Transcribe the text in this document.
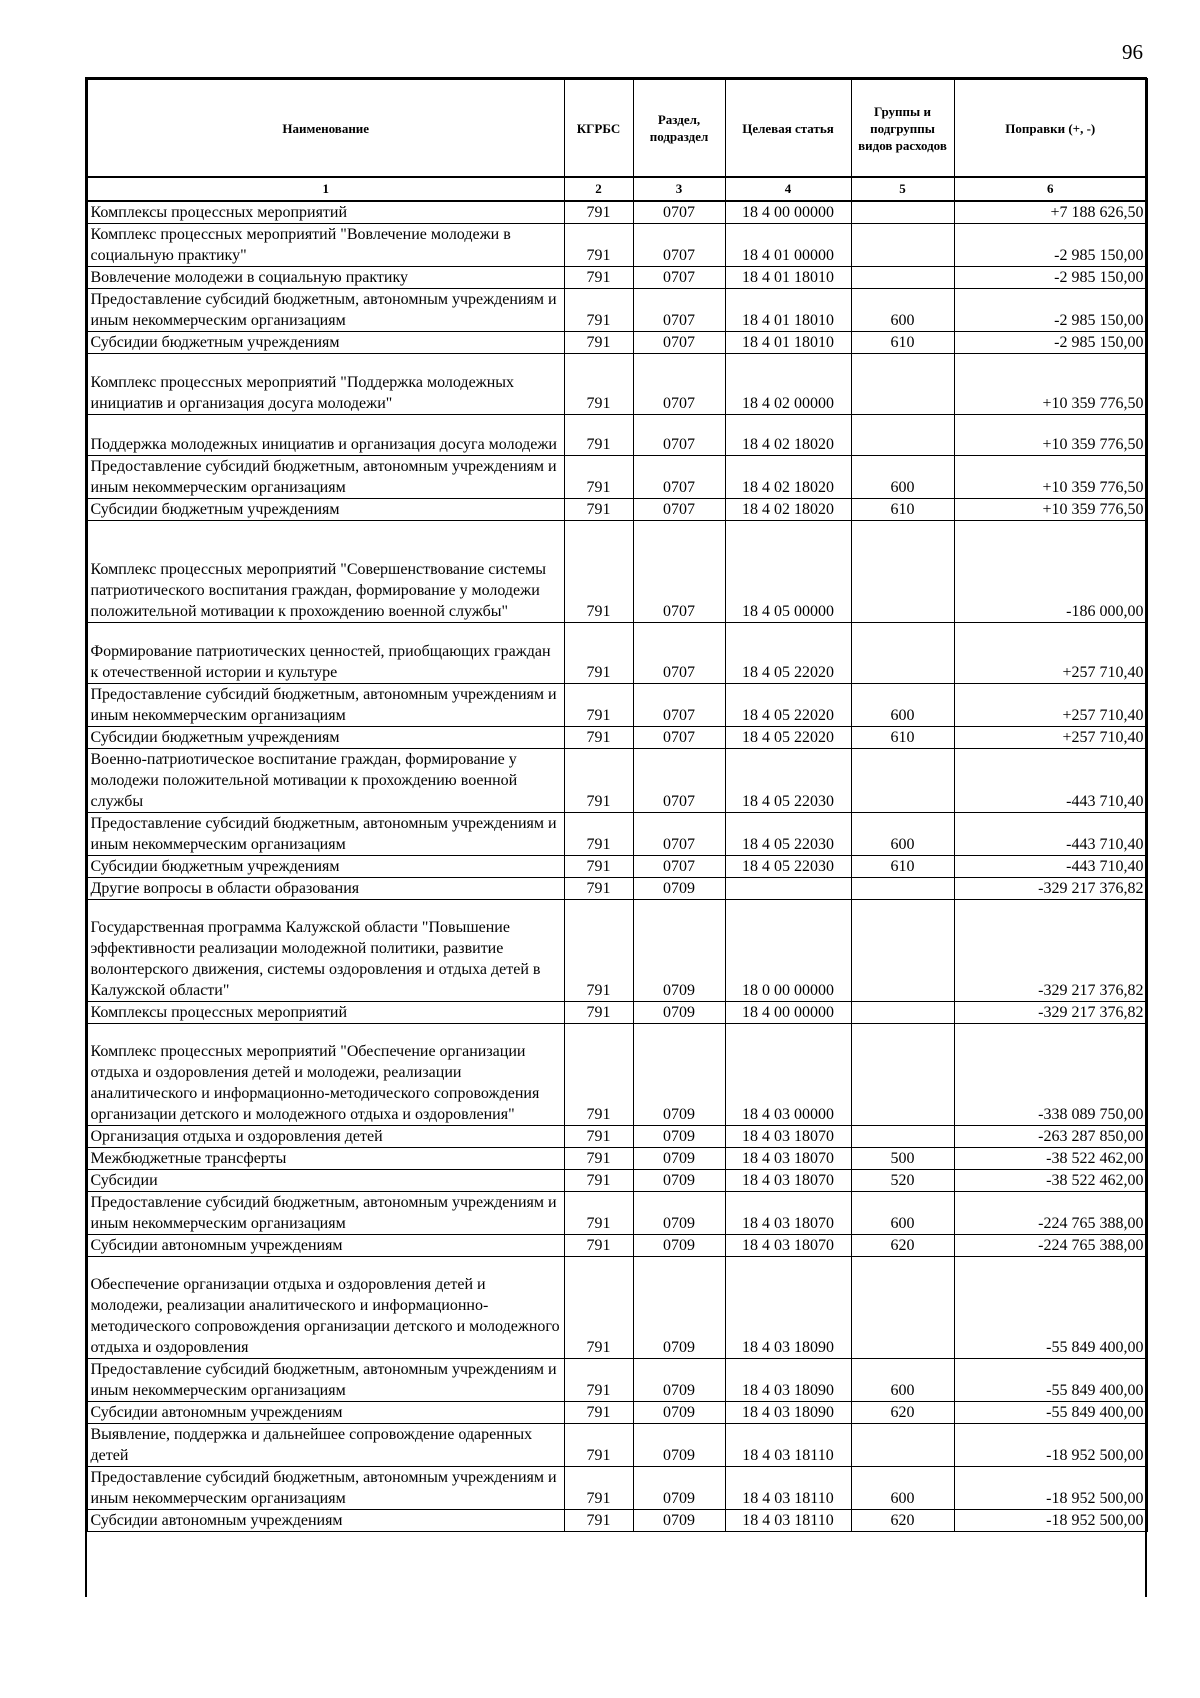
96
Наименование	КГРБС	Раздел, подраздел	Целевая статья	Группы и подгруппы видов расходов	Поправки (+, -)
1	2	3	4	5	6
Комплексы процессных мероприятий	791	0707	18 4 00 00000		+7 188 626,50
Комплекс процессных мероприятий "Вовлечение молодежи в социальную практику"	791	0707	18 4 01 00000		-2 985 150,00
Вовлечение молодежи в социальную практику	791	0707	18 4 01 18010		-2 985 150,00
Предоставление субсидий бюджетным, автономным учреждениям и иным некоммерческим организациям	791	0707	18 4 01 18010	600	-2 985 150,00
Субсидии бюджетным учреждениям	791	0707	18 4 01 18010	610	-2 985 150,00
Комплекс процессных мероприятий "Поддержка молодежных инициатив и организация досуга молодежи"	791	0707	18 4 02 00000		+10 359 776,50
Поддержка молодежных инициатив и организация досуга молодежи	791	0707	18 4 02 18020		+10 359 776,50
Предоставление субсидий бюджетным, автономным учреждениям и иным некоммерческим организациям	791	0707	18 4 02 18020	600	+10 359 776,50
Субсидии бюджетным учреждениям	791	0707	18 4 02 18020	610	+10 359 776,50
Комплекс процессных мероприятий "Совершенствование системы патриотического воспитания граждан, формирование у молодежи положительной мотивации к прохождению военной службы"	791	0707	18 4 05 00000		-186 000,00
Формирование патриотических ценностей, приобщающих граждан к отечественной истории и культуре	791	0707	18 4 05 22020		+257 710,40
Предоставление субсидий бюджетным, автономным учреждениям и иным некоммерческим организациям	791	0707	18 4 05 22020	600	+257 710,40
Субсидии бюджетным учреждениям	791	0707	18 4 05 22020	610	+257 710,40
Военно-патриотическое воспитание граждан, формирование у молодежи положительной мотивации к прохождению военной службы	791	0707	18 4 05 22030		-443 710,40
Предоставление субсидий бюджетным, автономным учреждениям и иным некоммерческим организациям	791	0707	18 4 05 22030	600	-443 710,40
Субсидии бюджетным учреждениям	791	0707	18 4 05 22030	610	-443 710,40
Другие вопросы в области образования	791	0709			-329 217 376,82
Государственная программа Калужской области "Повышение эффективности реализации молодежной политики, развитие волонтерского движения, системы оздоровления и отдыха детей в Калужской области"	791	0709	18 0 00 00000		-329 217 376,82
Комплексы процессных мероприятий	791	0709	18 4 00 00000		-329 217 376,82
Комплекс процессных мероприятий "Обеспечение организации отдыха и оздоровления детей и молодежи, реализации аналитического и информационно-методического сопровождения организации детского и молодежного отдыха и оздоровления"	791	0709	18 4 03 00000		-338 089 750,00
Организация отдыха и оздоровления детей	791	0709	18 4 03 18070		-263 287 850,00
Межбюджетные трансферты	791	0709	18 4 03 18070	500	-38 522 462,00
Субсидии	791	0709	18 4 03 18070	520	-38 522 462,00
Предоставление субсидий бюджетным, автономным учреждениям и иным некоммерческим организациям	791	0709	18 4 03 18070	600	-224 765 388,00
Субсидии автономным учреждениям	791	0709	18 4 03 18070	620	-224 765 388,00
Обеспечение организации отдыха и оздоровления детей и молодежи, реализации аналитического и информационно-методического сопровождения организации детского и молодежного отдыха и оздоровления	791	0709	18 4 03 18090		-55 849 400,00
Предоставление субсидий бюджетным, автономным учреждениям и иным некоммерческим организациям	791	0709	18 4 03 18090	600	-55 849 400,00
Субсидии автономным учреждениям	791	0709	18 4 03 18090	620	-55 849 400,00
Выявление, поддержка и дальнейшее сопровождение одаренных детей	791	0709	18 4 03 18110		-18 952 500,00
Предоставление субсидий бюджетным, автономным учреждениям и иным некоммерческим организациям	791	0709	18 4 03 18110	600	-18 952 500,00
Субсидии автономным учреждениям	791	0709	18 4 03 18110	620	-18 952 500,00
